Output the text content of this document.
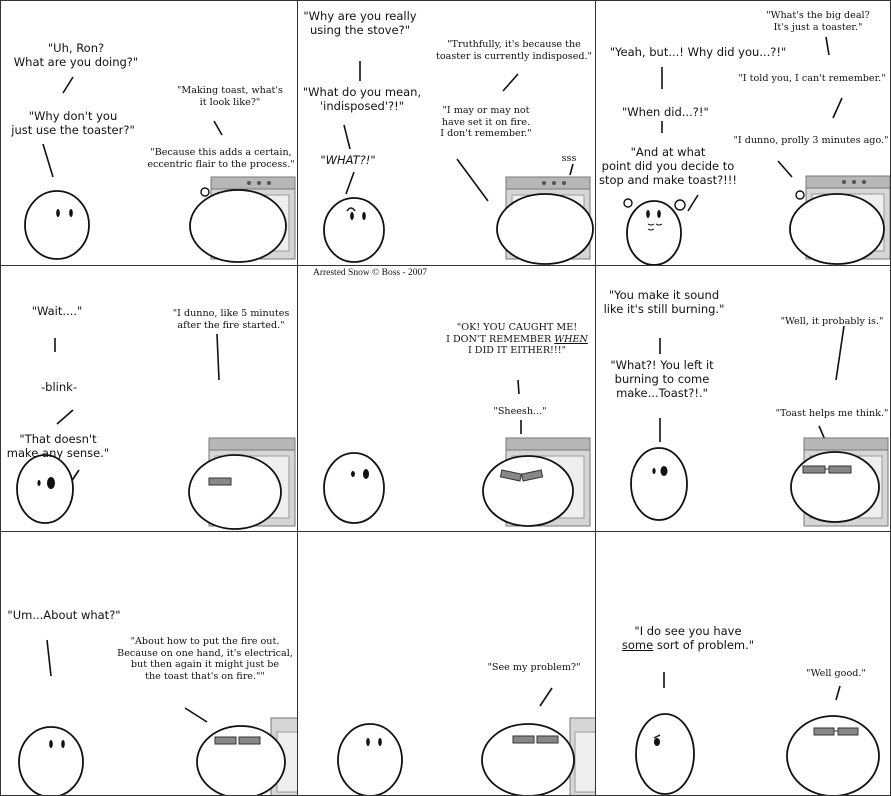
"Uh, Ron?
What are you doing?"
"Why don't you
just use the toaster?"
"Making toast, what's
it look like?"
"Because this adds a certain,
eccentric flair to the process."
"Why are you really
using the stove?"
"What do you mean,
'indisposed'?!"
"WHAT?!"
"Truthfully, it's because the
toaster is currently indisposed."
"I may or may not
have set it on fire.
I don't remember."
sss
"Yeah, but...! Why did you...?!"
"When did...?!"
"And at what
point did you decide to
stop and make toast?!!!
"What's the big deal?
It's just a toaster."
"I told you, I can't remember."
"I dunno, prolly 3 minutes ago."
"Wait...."
-blink-
"That doesn't
make any sense."
"I dunno, like 5 minutes
after the fire started."
Arrested Snow © Boss - 2007
"OK! YOU CAUGHT ME!
I DON'T REMEMBER WHEN
I DID IT EITHER!!!"
"Sheesh..."
"You make it sound
like it's still burning."
"What?! You left it
burning to come
make...Toast?!."
"Well, it probably is."
"Toast helps me think."
"Um...About what?"
"About how to put the fire out.
Because on one hand, it's electrical,
but then again it might just be
the toast that's on fire.""
"See my problem?"
"I do see you have
some sort of problem."
"Well good."
